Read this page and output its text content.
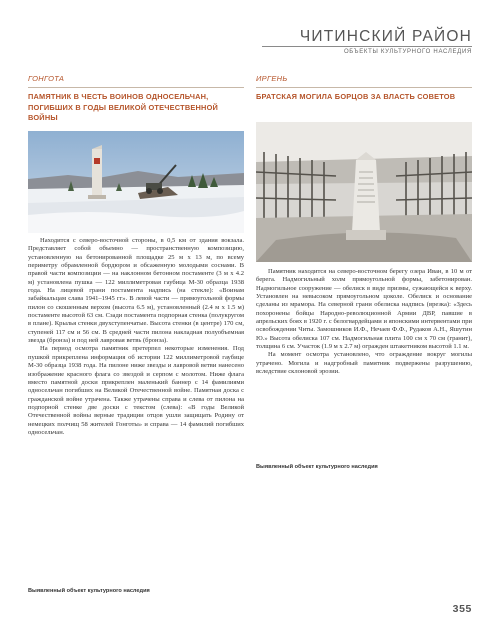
ЧИТИНСКИЙ РАЙОН
ОБЪЕКТЫ КУЛЬТУРНОГО НАСЛЕДИЯ
ГОНГОТА
ПАМЯТНИК В ЧЕСТЬ ВОИНОВ ОДНОСЕЛЬЧАН, ПОГИБШИХ В ГОДЫ ВЕЛИКОЙ ОТЕЧЕСТВЕННОЙ ВОЙНЫ
ИРГЕНЬ
БРАТСКАЯ МОГИЛА БОРЦОВ ЗА ВЛАСТЬ СОВЕТОВ

Находится с северо-восточной стороны, в 0,5 км от здания вокзала. Представляет собой объемно — пространственную композицию, установленную на бетонированной площадке 25 м х 13 м, по всему периметру обрамленной бордюром и обсаженную молодыми соснами. В правой части композиции — на наклонном бетонном постаменте (3 м х 4.2 м) установлена пушка — 122 миллиметровая гаубица М-30 образца 1938 года. На лицевой грани постамента надпись (на стекле): «Воинам забайкальцам слава 1941–1945 гг». В левой части — прямоугольной формы пилон со скошенным верхом (высота 6.5 м), установленный (2.4 м х 1.5 м) постаменте высотой 63 см. Сзади постамента подпорная стенка (полукругом в плане). Крылья стенки двухступенчатые. Высота стенки (в центре) 170 см, ступеней 117 см и 56 см. В средней части пилона накладная полуобъемная звезда (бронза) и под ней лавровая ветвь (бронза).

На период осмотра памятник претерпел некоторые изменения. Под пушкой прикреплена информация об истории 122 миллиметровой гаубице М-30 образца 1938 года. На пилоне ниже звезды и лавровой ветви нанесено изображение красного флага со звездой и серпом с молотом. Ниже флага вместо памятной доски прикреплен маленький баннер с 14 фамилиями односельчан погибших на Великой Отечественной войне. Памятная доска с гражданской войне утрачена. Также утрачены справа и слева от пилона на подпорной стенке две доски с текстом (слева): «В годы Великой Отечественной войны верные традиции отцов ушли защищать Родину от немецких полчищ 58 жителей Гонготы» и справа — 14 фамилий погибших односельчан.

Памятник находится на северо-восточном берегу озера Иван, в 10 м от берега. Надмогильный холм прямоугольной формы, забетонирован. Надмогильное сооружение — обелиск в виде призмы, сужающейся к верху. Установлен на невысоком прямоугольном цоколе. Обелиск и основание сделаны из мрамора. На северной грани обелиска надпись (врезка): «Здесь похоронены бойцы Народно-революционной Армии ДВР, павшие в апрельских боях в 1920 г. с белогвардейцами и японскими интервентами при освобождении Читы. Замошников И.Ф., Нечаев Ф.Ф., Рудаков А.Н., Яшутин Ю.» Высота обелиска 107 см. Надмогильная плита 100 см х 70 см (гранит), толщина 6 см. Участок (1.9 м х 2.7 м) огражден штакетником высотой 1.1 м.

На момент осмотра установлено, что ограждение вокруг могилы утрачено. Могила и надгробный памятник подвержены разрушению, вследствие склоновой эрозии.

Выявленный объект культурного наследия
Выявленный объект культурного наследия
355
